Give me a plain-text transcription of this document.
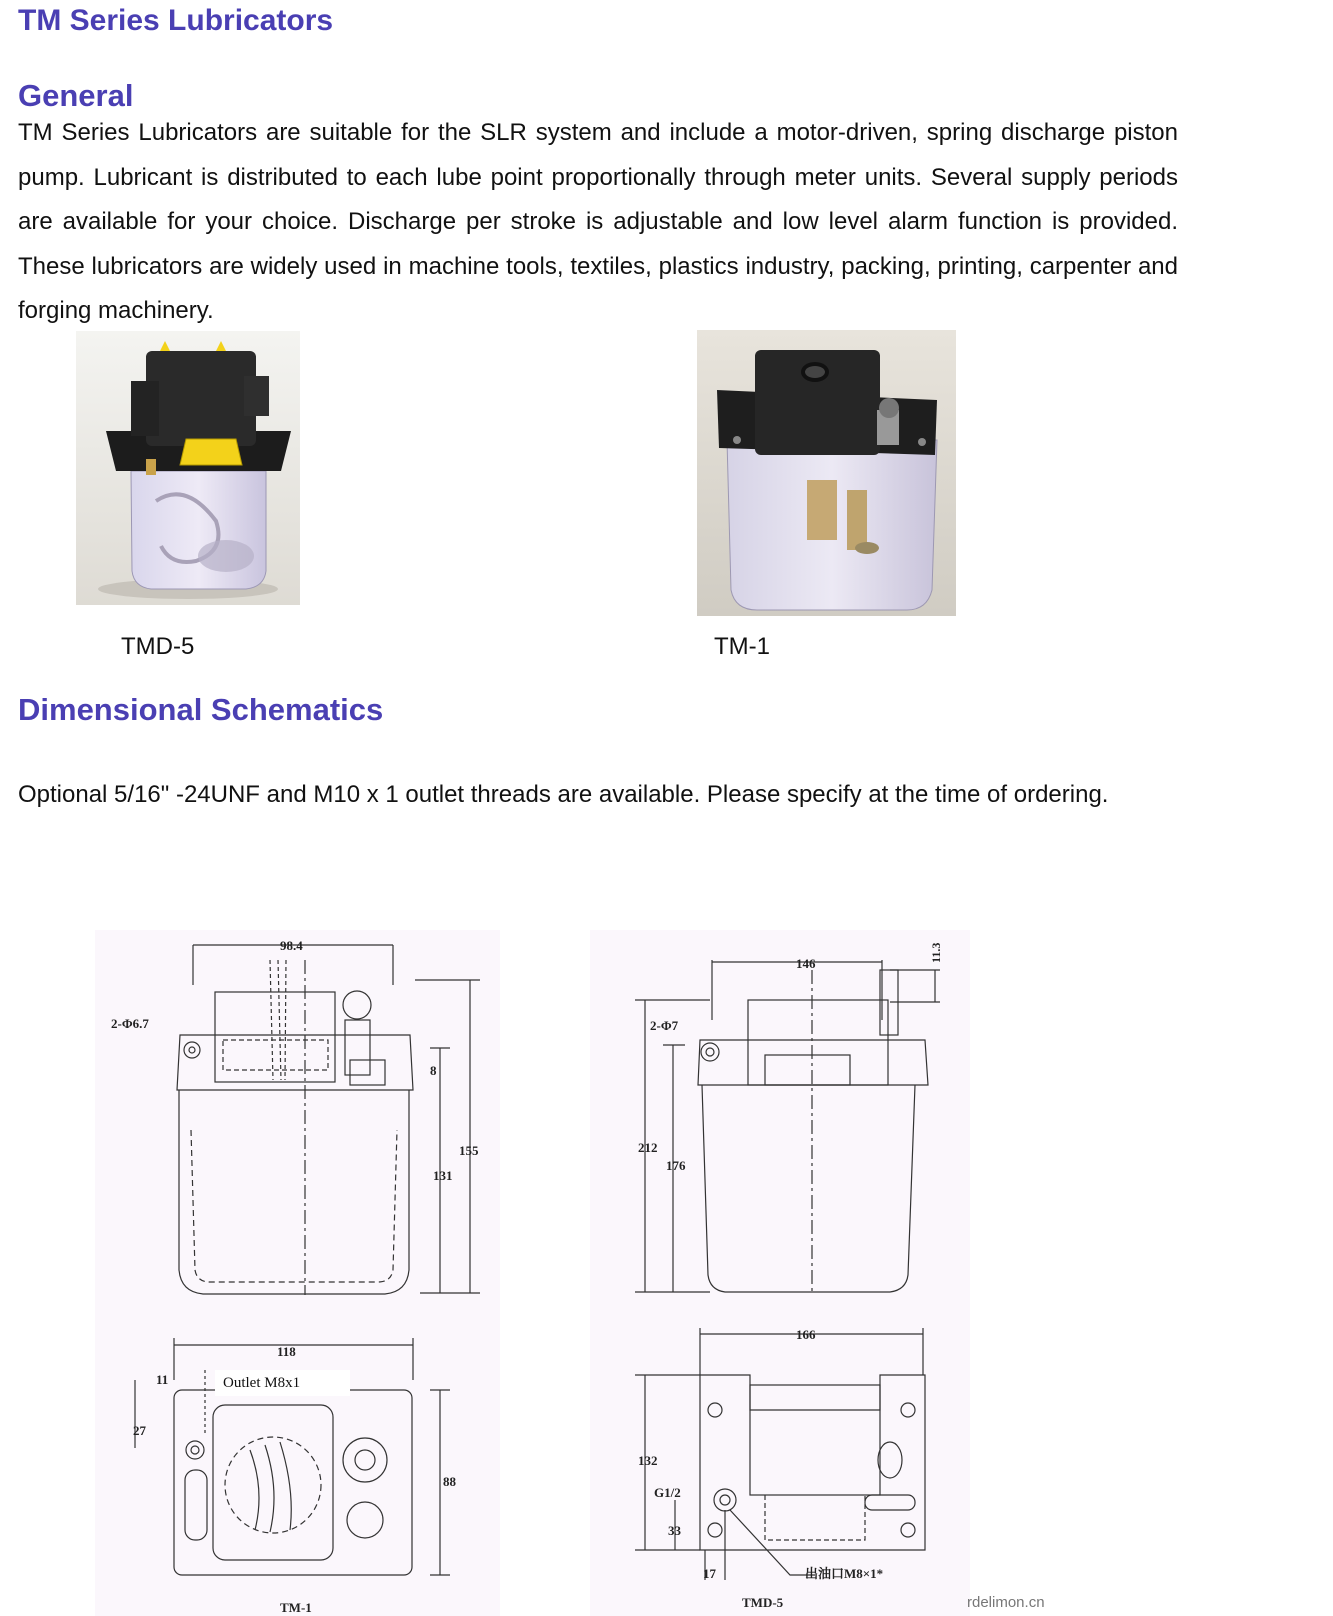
TM Series Lubricators
General

TM Series Lubricators are suitable for the SLR system and include a motor-driven, spring discharge piston pump. Lubricant is distributed to each lube point proportionally through meter units. Several supply periods are available for your choice. Discharge per stroke is adjustable and low level alarm function is provided. These lubricators are widely used in machine tools, textiles, plastics industry, packing, printing, carpenter and forging machinery.

TMD-5	TM-1
Dimensional Schematics

Optional 5/16" -24UNF and M10 x 1 outlet threads are available. Please specify at the time of ordering.

98.4
2-Φ6.7
8
131
155
118
11
27
88
Outlet M8x1
TM-1
146
11.3
2-Φ7
212
176
166
132
G1/2
33
17	出油口M8×1*
TMD-5	rdelimon.cn
